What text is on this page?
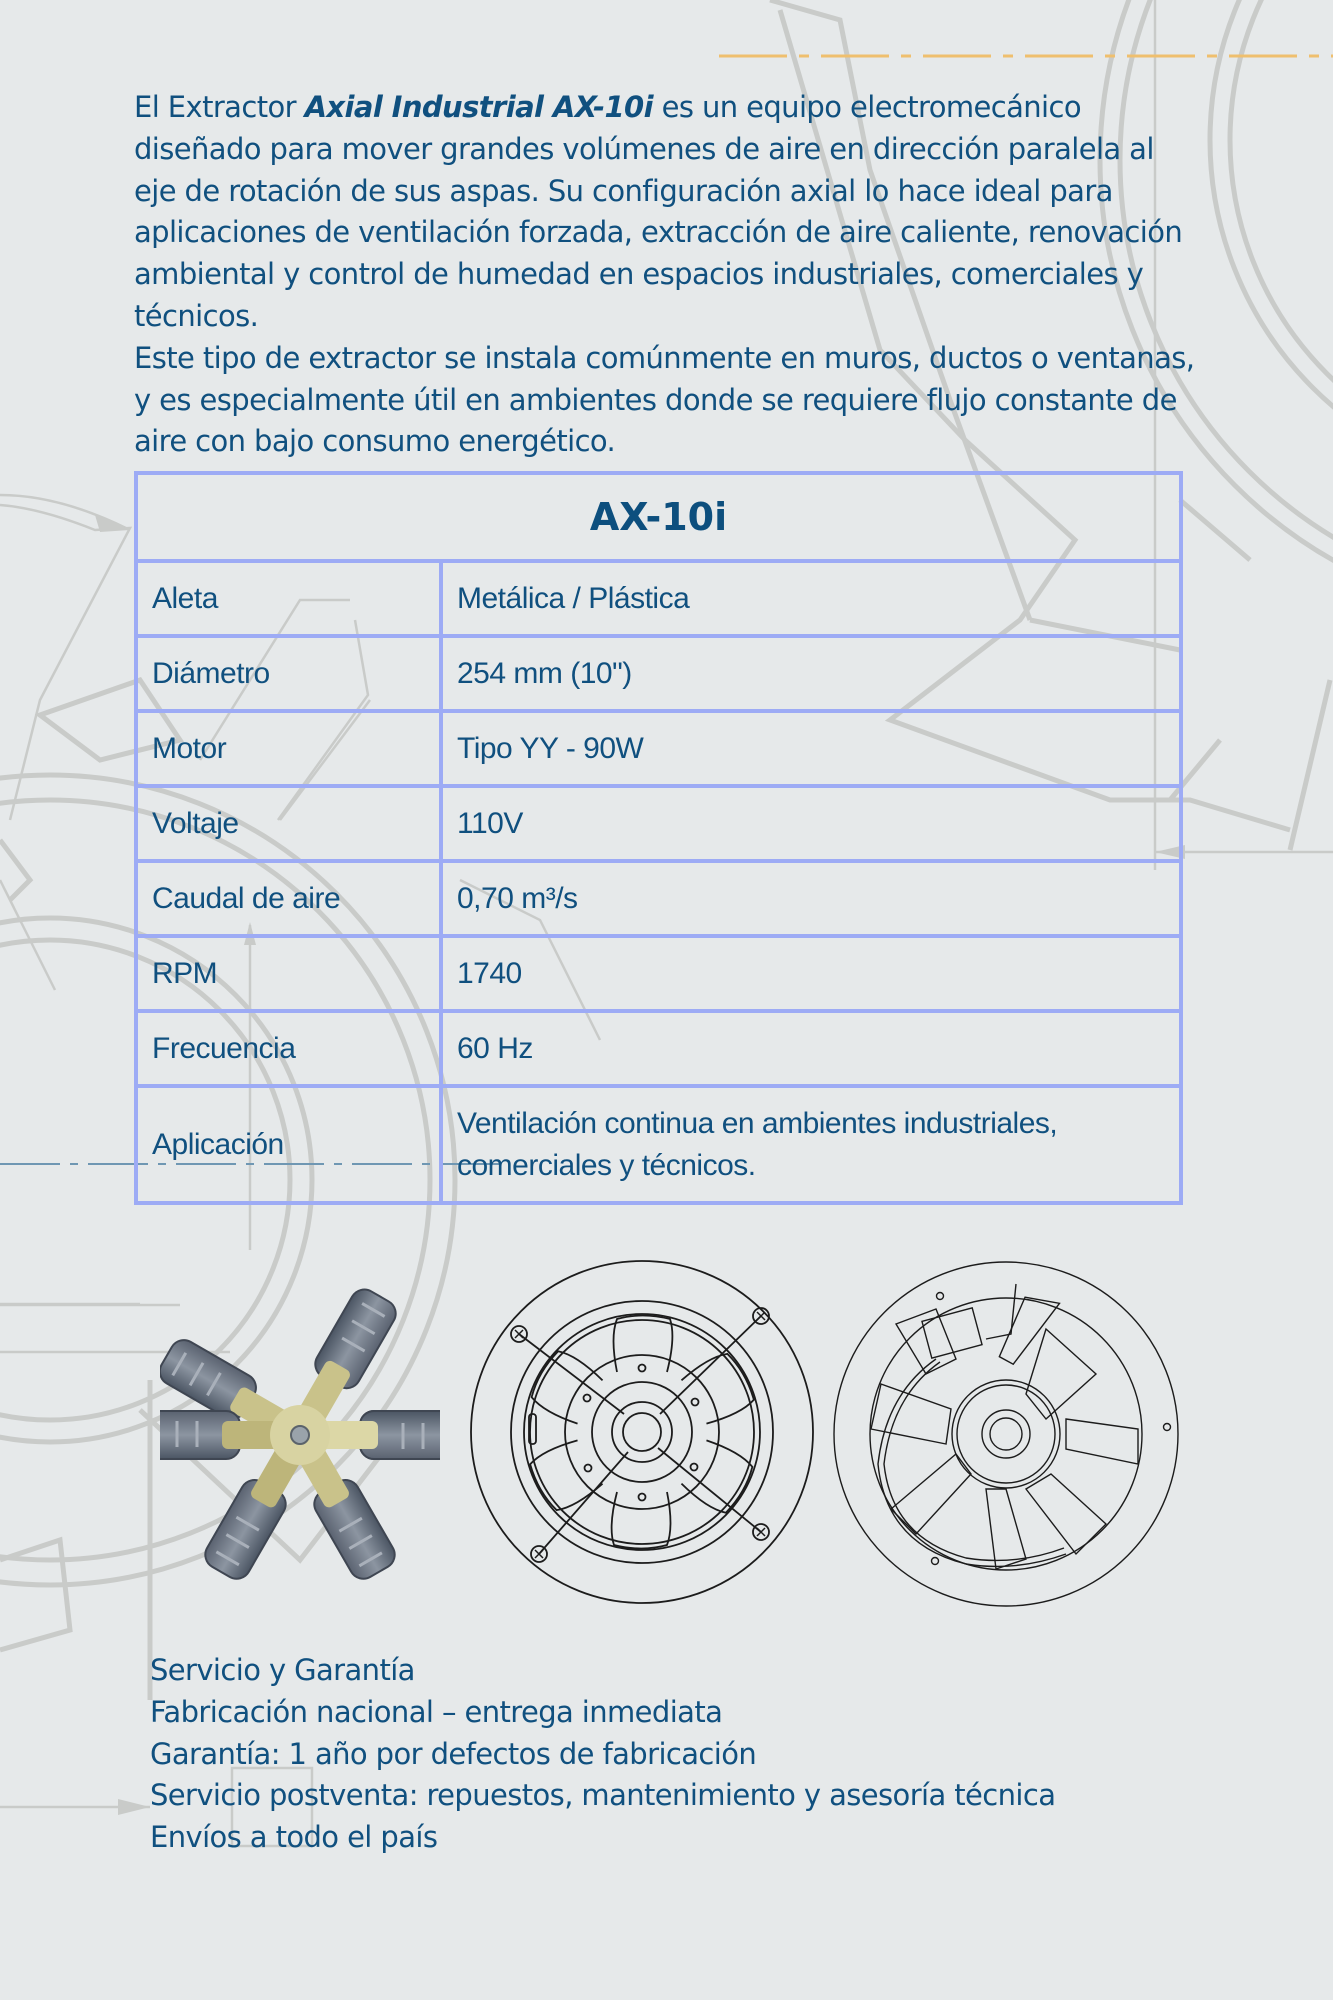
El Extractor Axial Industrial AX-10i es un equipo electromecánico diseñado para mover grandes volúmenes de aire en dirección paralela al eje de rotación de sus aspas. Su configuración axial lo hace ideal para aplicaciones de ventilación forzada, extracción de aire caliente, renovación ambiental y control de humedad en espacios industriales, comerciales y técnicos.

Este tipo de extractor se instala comúnmente en muros, ductos o ventanas, y es especialmente útil en ambientes donde se requiere flujo constante de aire con bajo consumo energético.

AX-10i	
Aleta	Metálica / Plástica
Diámetro	254 mm (10")
Motor	Tipo YY - 90W
Voltaje	110V
Caudal de aire	0,70 m³/s
RPM	1740
Frecuencia	60 Hz
Aplicación	Ventilación continua en ambientes industriales, comerciales y técnicos.
Servicio y Garantía
Fabricación nacional – entrega inmediata
Garantía: 1 año por defectos de fabricación
Servicio postventa: repuestos, mantenimiento y asesoría técnica
Envíos a todo el país
